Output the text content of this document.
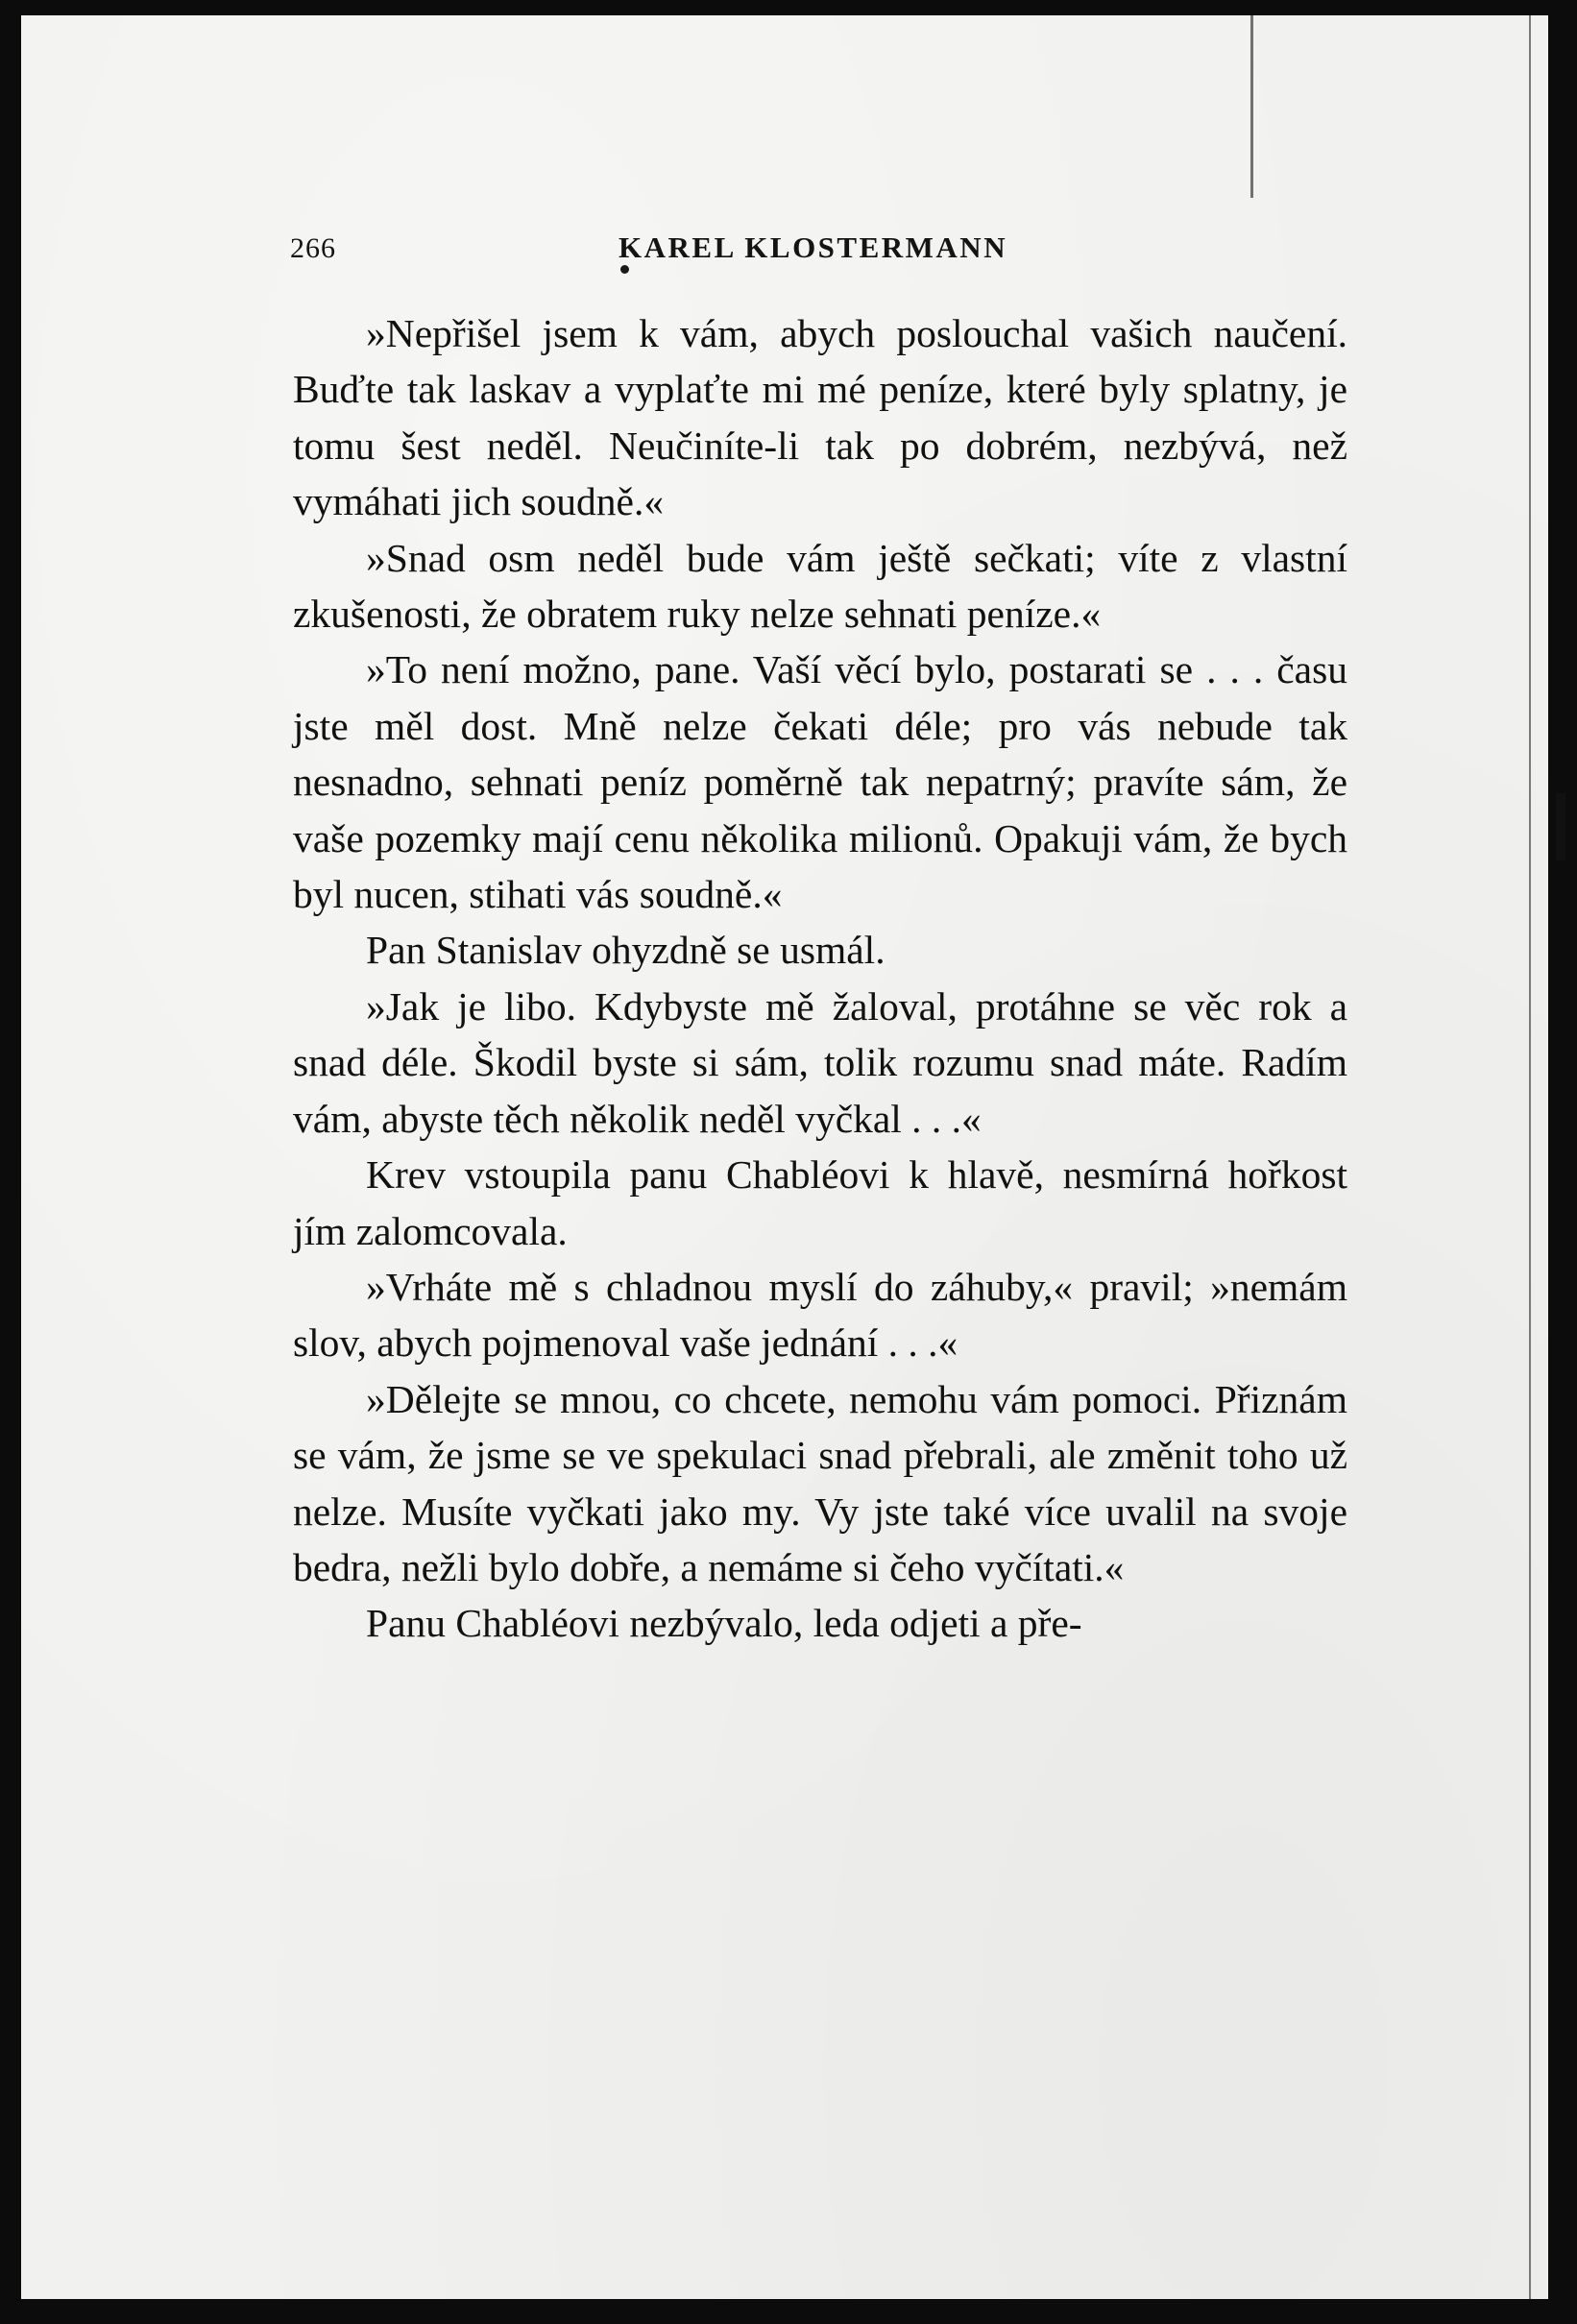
266	KAREL KLOSTERMANN

»Nepřišel jsem k vám, abych poslouchal vašich naučení. Buďte tak laskav a vyplaťte mi mé peníze, které byly splatny, je tomu šest neděl. Neučiníte-li tak po dobrém, nezbývá, než vymáhati jich soudně.«

»Snad osm neděl bude vám ještě sečkati; víte z vlastní zkušenosti, že obratem ruky nelze sehnati peníze.«

»To není možno, pane. Vaší věcí bylo, postarati se . . . času jste měl dost. Mně nelze čekati déle; pro vás nebude tak nesnadno, sehnati peníz poměrně tak nepatrný; pravíte sám, že vaše pozemky mají cenu několika milionů. Opakuji vám, že bych byl nucen, stihati vás soudně.«

Pan Stanislav ohyzdně se usmál.

»Jak je libo. Kdybyste mě žaloval, protáhne se věc rok a snad déle. Škodil byste si sám, tolik rozumu snad máte. Radím vám, abyste těch několik neděl vyčkal . . .«

Krev vstoupila panu Chabléovi k hlavě, nesmírná hořkost jím zalomcovala.

»Vrháte mě s chladnou myslí do záhuby,« pravil; »nemám slov, abych pojmenoval vaše jednání . . .«

»Dělejte se mnou, co chcete, nemohu vám pomoci. Přiznám se vám, že jsme se ve spekulaci snad přebrali, ale změnit toho už nelze. Musíte vyčkati jako my. Vy jste také více uvalil na svoje bedra, nežli bylo dobře, a nemáme si čeho vyčítati.«

Panu Chabléovi nezbývalo, leda odjeti a pře-
